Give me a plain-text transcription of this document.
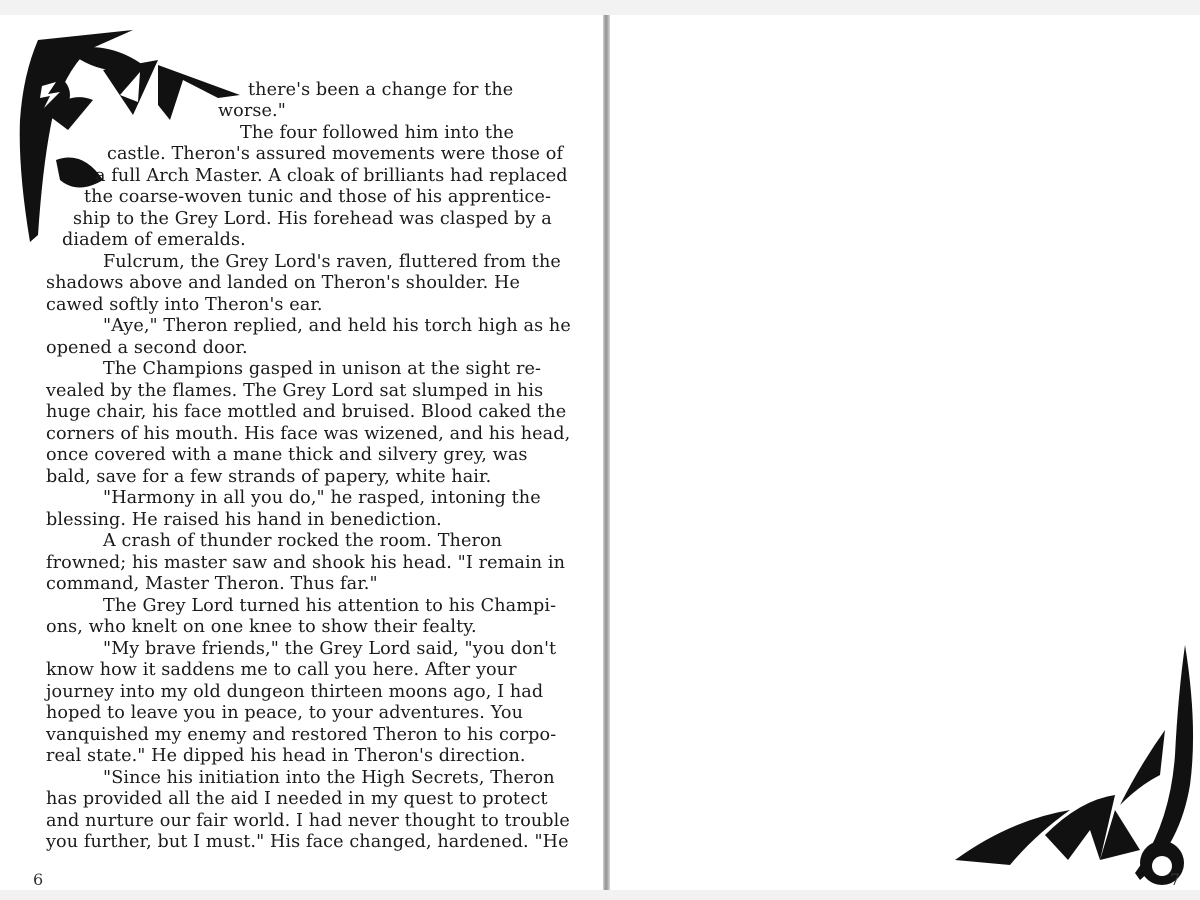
there's been a change for the
worse."
The four followed him into the
castle. Theron's assured movements were those of
a full Arch Master. A cloak of brilliants had replaced
the coarse-woven tunic and those of his apprentice-
ship to the Grey Lord. His forehead was clasped by a
diadem of emeralds.
Fulcrum, the Grey Lord's raven, fluttered from the
shadows above and landed on Theron's shoulder. He
cawed softly into Theron's ear.
"Aye," Theron replied, and held his torch high as he
opened a second door.
The Champions gasped in unison at the sight re-
vealed by the flames. The Grey Lord sat slumped in his
huge chair, his face mottled and bruised. Blood caked the
corners of his mouth. His face was wizened, and his head,
once covered with a mane thick and silvery grey, was
bald, save for a few strands of papery, white hair.
"Harmony in all you do," he rasped, intoning the
blessing. He raised his hand in benediction.
A crash of thunder rocked the room. Theron
frowned; his master saw and shook his head. "I remain in
command, Master Theron. Thus far."
The Grey Lord turned his attention to his Champi-
ons, who knelt on one knee to show their fealty.
"My brave friends," the Grey Lord said, "you don't
know how it saddens me to call you here. After your
journey into my old dungeon thirteen moons ago, I had
hoped to leave you in peace, to your adventures. You
vanquished my enemy and restored Theron to his corpo-
real state." He dipped his head in Theron's direction.
"Since his initiation into the High Secrets, Theron
has provided all the aid I needed in my quest to protect
and nurture our fair world. I had never thought to trouble
you further, but I must." His face changed, hardened. "He
6	7
